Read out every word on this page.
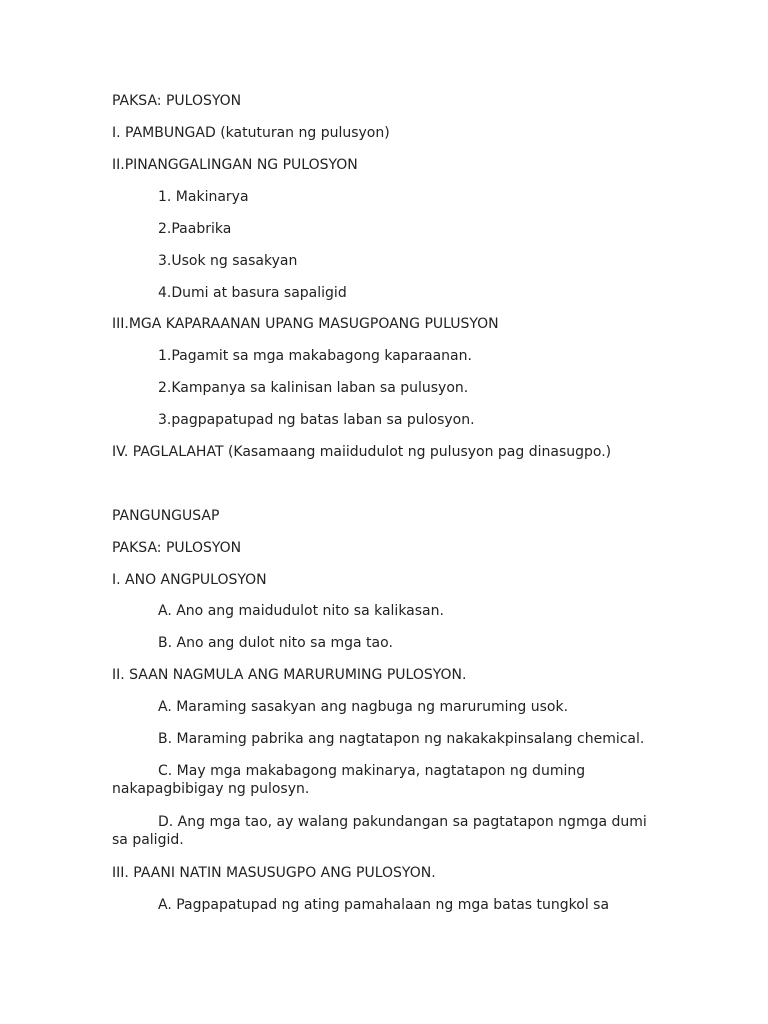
PAKSA: PULOSYON

I. PAMBUNGAD (katuturan ng pulusyon)

II.PINANGGALINGAN NG PULOSYON

1. Makinarya

2.Paabrika

3.Usok ng sasakyan

4.Dumi at basura sapaligid

III.MGA KAPARAANAN UPANG MASUGPOANG PULUSYON

1.Pagamit sa mga makabagong kaparaanan.

2.Kampanya sa kalinisan laban sa pulusyon.

3.pagpapatupad ng batas laban sa pulosyon.

IV. PAGLALAHAT (Kasamaang maiidudulot ng pulusyon pag dinasugpo.)

PANGUNGUSAP

PAKSA: PULOSYON

I. ANO ANGPULOSYON

A. Ano ang maidudulot nito sa kalikasan.

B. Ano ang dulot nito sa mga tao.

II. SAAN NAGMULA ANG MARURUMING PULOSYON.

A. Maraming sasakyan ang nagbuga ng maruruming usok.

B. Maraming pabrika ang nagtatapon ng nakakakpinsalang chemical.

C. May mga makabagong makinarya, nagtatapon ng duming nakapagbibigay ng pulosyn.

D. Ang mga tao, ay walang pakundangan sa pagtatapon ngmga dumi sa paligid.

III. PAANI NATIN MASUSUGPO ANG PULOSYON.

A. Pagpapatupad ng ating pamahalaan ng mga batas tungkol sa
